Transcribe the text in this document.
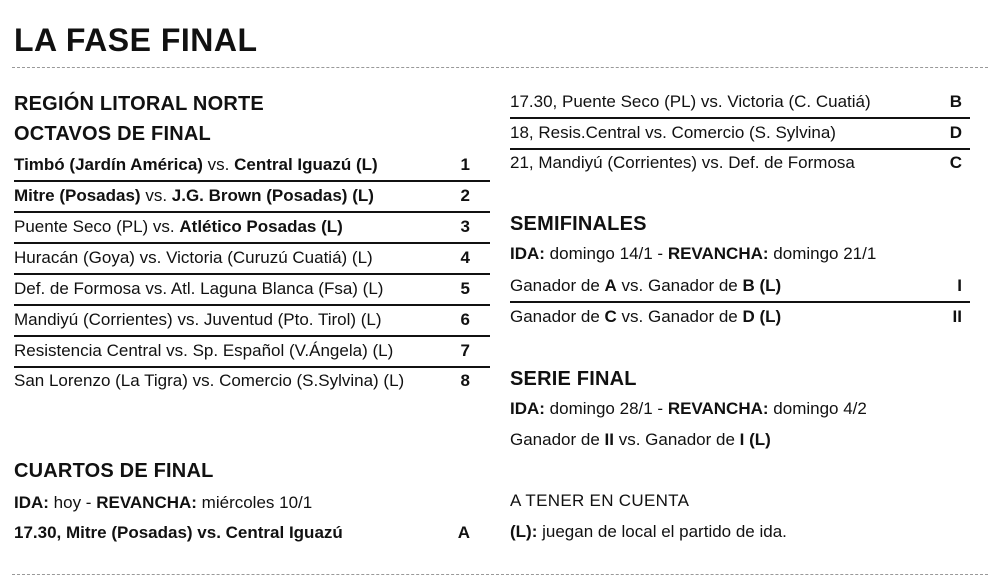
LA FASE FINAL
REGIÓN LITORAL NORTE
OCTAVOS DE FINAL
Timbó (Jardín América) vs. Central Iguazú (L)	1
Mitre (Posadas) vs. J.G. Brown (Posadas) (L)	2
Puente Seco (PL) vs. Atlético Posadas (L)	3
Huracán (Goya) vs. Victoria (Curuzú Cuatiá) (L)	4
Def. de Formosa vs. Atl. Laguna Blanca (Fsa) (L)	5
Mandiyú (Corrientes) vs. Juventud (Pto. Tirol) (L)	6
Resistencia Central vs. Sp. Español (V.Ángela) (L)	7
San Lorenzo (La Tigra) vs. Comercio (S.Sylvina) (L)	8
CUARTOS DE FINAL
IDA: hoy - REVANCHA: miércoles 10/1
17.30, Mitre (Posadas) vs. Central Iguazú	A
17.30, Puente Seco (PL) vs. Victoria (C. Cuatiá)	B
18, Resis.Central vs. Comercio (S. Sylvina)	D
21, Mandiyú (Corrientes) vs. Def. de Formosa	C
SEMIFINALES
IDA: domingo 14/1 - REVANCHA: domingo 21/1
Ganador de A vs. Ganador de B (L)	I
Ganador de C vs. Ganador de D (L)	II
SERIE FINAL
IDA: domingo 28/1 - REVANCHA: domingo 4/2
Ganador de II vs. Ganador de I (L)
A TENER EN CUENTA
(L): juegan de local el partido de ida.
